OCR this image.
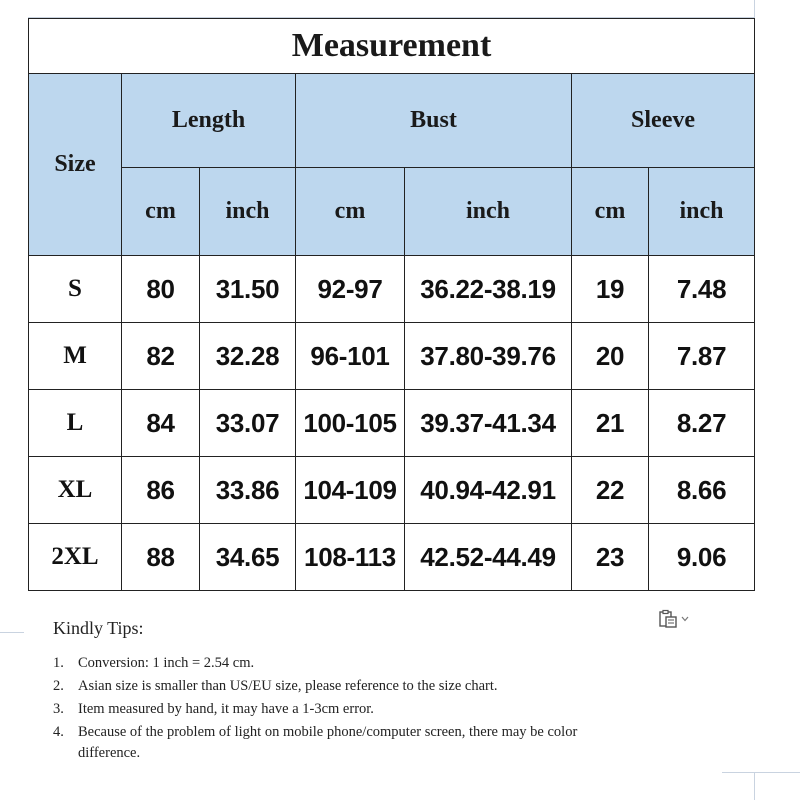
Measurement						
Size	Length		Bust		Sleeve	
	cm	inch	cm	inch	cm	inch
S	80	31.50	92-97	36.22-38.19	19	7.48
M	82	32.28	96-101	37.80-39.76	20	7.87
L	84	33.07	100-105	39.37-41.34	21	8.27
XL	86	33.86	104-109	40.94-42.91	22	8.66
2XL	88	34.65	108-113	42.52-44.49	23	9.06

Kindly Tips:

1. Conversion: 1 inch = 2.54 cm.
2. Asian size is smaller than US/EU size, please reference to the size chart.
3. Item measured by hand, it may have a 1-3cm error.
4. Because of the problem of light on mobile phone/computer screen, there may be color difference.
